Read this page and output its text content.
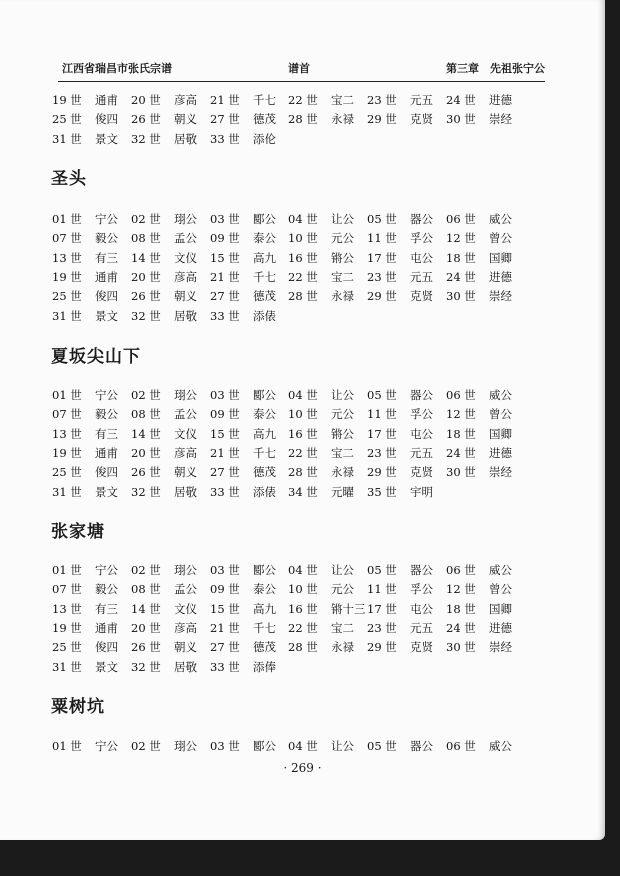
江西省瑞昌市张氏宗谱	谱首	第三章　先祖张宁公
19 世 通甫 20 世 彦高 21 世 千七 22 世 宝二 23 世 元五 24 世 进德
25 世 俊四 26 世 朝义 27 世 德茂 28 世 永禄 29 世 克贤 30 世 崇经
31 世 景文 32 世 居敬 33 世 添伦
圣头
01 世 宁公 02 世 珝公 03 世 郾公 04 世 让公 05 世 器公 06 世 威公
07 世 毅公 08 世 孟公 09 世 泰公 10 世 元公 11 世 孚公 12 世 曾公
13 世 有三 14 世 文仪 15 世 高九 16 世 锵公 17 世 屯公 18 世 国卿
19 世 通甫 20 世 彦高 21 世 千七 22 世 宝二 23 世 元五 24 世 进德
25 世 俊四 26 世 朝义 27 世 德茂 28 世 永禄 29 世 克贤 30 世 崇经
31 世 景文 32 世 居敬 33 世 添俵
夏坂尖山下
01 世 宁公 02 世 珝公 03 世 郾公 04 世 让公 05 世 器公 06 世 威公
07 世 毅公 08 世 孟公 09 世 泰公 10 世 元公 11 世 孚公 12 世 曾公
13 世 有三 14 世 文仪 15 世 高九 16 世 锵公 17 世 屯公 18 世 国卿
19 世 通甫 20 世 彦高 21 世 千七 22 世 宝二 23 世 元五 24 世 进德
25 世 俊四 26 世 朝义 27 世 德茂 28 世 永禄 29 世 克贤 30 世 崇经
31 世 景文 32 世 居敬 33 世 添俵 34 世 元曜 35 世 宇明
张家塘
01 世 宁公 02 世 珝公 03 世 郾公 04 世 让公 05 世 器公 06 世 威公
07 世 毅公 08 世 孟公 09 世 泰公 10 世 元公 11 世 孚公 12 世 曾公
13 世 有三 14 世 文仪 15 世 高九 16 世 锵十三 17 世 屯公 18 世 国卿
19 世 通甫 20 世 彦高 21 世 千七 22 世 宝二 23 世 元五 24 世 进德
25 世 俊四 26 世 朝义 27 世 德茂 28 世 永禄 29 世 克贤 30 世 崇经
31 世 景文 32 世 居敬 33 世 添俸
粟树坑
01 世 宁公 02 世 珝公 03 世 郾公 04 世 让公 05 世 器公 06 世 威公
· 269 ·
